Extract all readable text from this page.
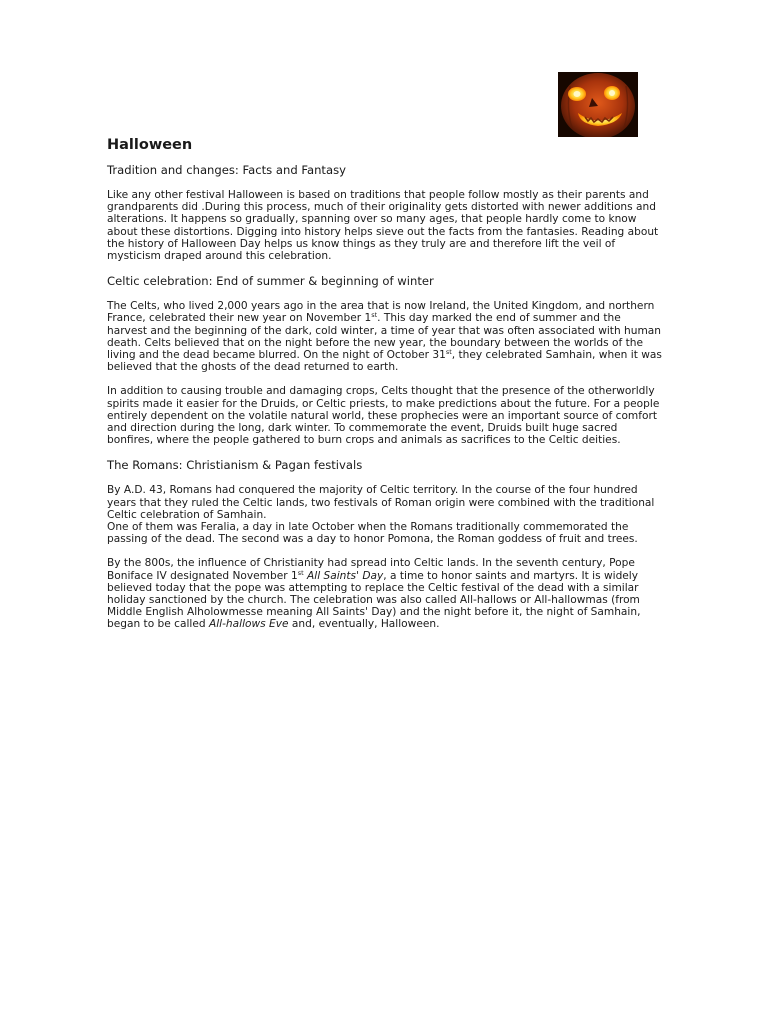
Halloween
Tradition and changes: Facts and Fantasy

Like any other festival Halloween is based on traditions that people follow mostly as their parents and grandparents did .During this process, much of their originality gets distorted with newer additions and alterations. It happens so gradually, spanning over so many ages, that people hardly come to know about these distortions. Digging into history helps sieve out the facts from the fantasies. Reading about the history of Halloween Day helps us know things as they truly are and therefore lift the veil of mysticism draped around this celebration.

Celtic celebration: End of summer & beginning of winter

The Celts, who lived 2,000 years ago in the area that is now Ireland, the United Kingdom, and northern France, celebrated their new year on November 1st. This day marked the end of summer and the harvest and the beginning of the dark, cold winter, a time of year that was often associated with human death. Celts believed that on the night before the new year, the boundary between the worlds of the living and the dead became blurred. On the night of October 31st, they celebrated Samhain, when it was believed that the ghosts of the dead returned to earth.

In addition to causing trouble and damaging crops, Celts thought that the presence of the otherworldly spirits made it easier for the Druids, or Celtic priests, to make predictions about the future. For a people entirely dependent on the volatile natural world, these prophecies were an important source of comfort and direction during the long, dark winter. To commemorate the event, Druids built huge sacred bonfires, where the people gathered to burn crops and animals as sacrifices to the Celtic deities.

The Romans: Christianism & Pagan festivals

By A.D. 43, Romans had conquered the majority of Celtic territory. In the course of the four hundred years that they ruled the Celtic lands, two festivals of Roman origin were combined with the traditional Celtic celebration of Samhain.

One of them was Feralia, a day in late October when the Romans traditionally commemorated the passing of the dead. The second was a day to honor Pomona, the Roman goddess of fruit and trees.

By the 800s, the influence of Christianity had spread into Celtic lands. In the seventh century, Pope Boniface IV designated November 1st All Saints' Day, a time to honor saints and martyrs. It is widely believed today that the pope was attempting to replace the Celtic festival of the dead with a similar holiday sanctioned by the church. The celebration was also called All-hallows or All-hallowmas (from Middle English Alholowmesse meaning All Saints' Day) and the night before it, the night of Samhain, began to be called All-hallows Eve and, eventually, Halloween.
